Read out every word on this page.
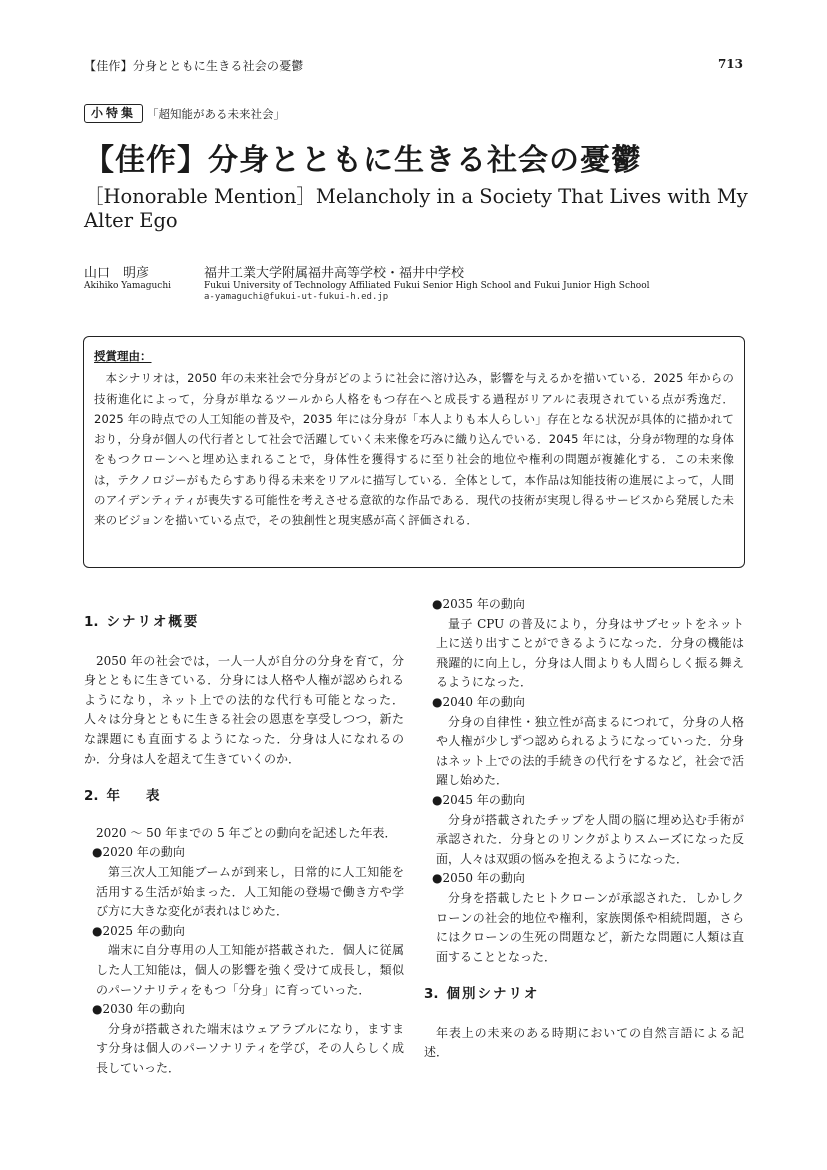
【佳作】分身とともに生きる社会の憂鬱	713
小特集 「超知能がある未来社会」
【佳作】分身とともに生きる社会の憂鬱
［Honorable Mention］Melancholy in a Society That Lives with My Alter Ego
山口　明彦
Akihiko Yamaguchi
福井工業大学附属福井高等学校・福井中学校
Fukui University of Technology Affiliated Fukui Senior High School and Fukui Junior High School
a-yamaguchi@fukui-ut-fukui-h.ed.jp
授賞理由：

本シナリオは，2050 年の未来社会で分身がどのように社会に溶け込み，影響を与えるかを描いている．2025 年からの技術進化によって，分身が単なるツールから人格をもつ存在へと成長する過程がリアルに表現されている点が秀逸だ．2025 年の時点での人工知能の普及や，2035 年には分身が「本人よりも本人らしい」存在となる状況が具体的に描かれており，分身が個人の代行者として社会で活躍していく未来像を巧みに織り込んでいる．2045 年には，分身が物理的な身体をもつクローンへと埋め込まれることで，身体性を獲得するに至り社会的地位や権利の問題が複雑化する．この未来像は，テクノロジーがもたらすあり得る未来をリアルに描写している．全体として，本作品は知能技術の進展によって，人間のアイデンティティが喪失する可能性を考えさせる意欲的な作品である．現代の技術が実現し得るサービスから発展した未来のビジョンを描いている点で，その独創性と現実感が高く評価される．

1. シナリオ概要

2050 年の社会では，一人一人が自分の分身を育て，分身とともに生きている．分身には人格や人権が認められるようになり，ネット上での法的な代行も可能となった．人々は分身とともに生きる社会の恩恵を享受しつつ，新たな課題にも直面するようになった．分身は人になれるのか．分身は人を超えて生きていくのか．

2. 年表

2020 ～ 50 年までの 5 年ごとの動向を記述した年表．

●2020 年の動向

第三次人工知能ブームが到来し，日常的に人工知能を活用する生活が始まった．人工知能の登場で働き方や学び方に大きな変化が表れはじめた．

●2025 年の動向

端末に自分専用の人工知能が搭載された．個人に従属した人工知能は，個人の影響を強く受けて成長し，類似のパーソナリティをもつ「分身」に育っていった．

●2030 年の動向

分身が搭載された端末はウェアラブルになり，ますます分身は個人のパーソナリティを学び，その人らしく成長していった．

●2035 年の動向

量子 CPU の普及により，分身はサブセットをネット上に送り出すことができるようになった．分身の機能は飛躍的に向上し，分身は人間よりも人間らしく振る舞えるようになった．

●2040 年の動向

分身の自律性・独立性が高まるにつれて，分身の人格や人権が少しずつ認められるようになっていった．分身はネット上での法的手続きの代行をするなど，社会で活躍し始めた．

●2045 年の動向

分身が搭載されたチップを人間の脳に埋め込む手術が承認された．分身とのリンクがよりスムーズになった反面，人々は双頭の悩みを抱えるようになった．

●2050 年の動向

分身を搭載したヒトクローンが承認された．しかしクローンの社会的地位や権利，家族関係や相続問題，さらにはクローンの生死の問題など，新たな問題に人類は直面することとなった．

3. 個別シナリオ

年表上の未来のある時期においての自然言語による記述．
